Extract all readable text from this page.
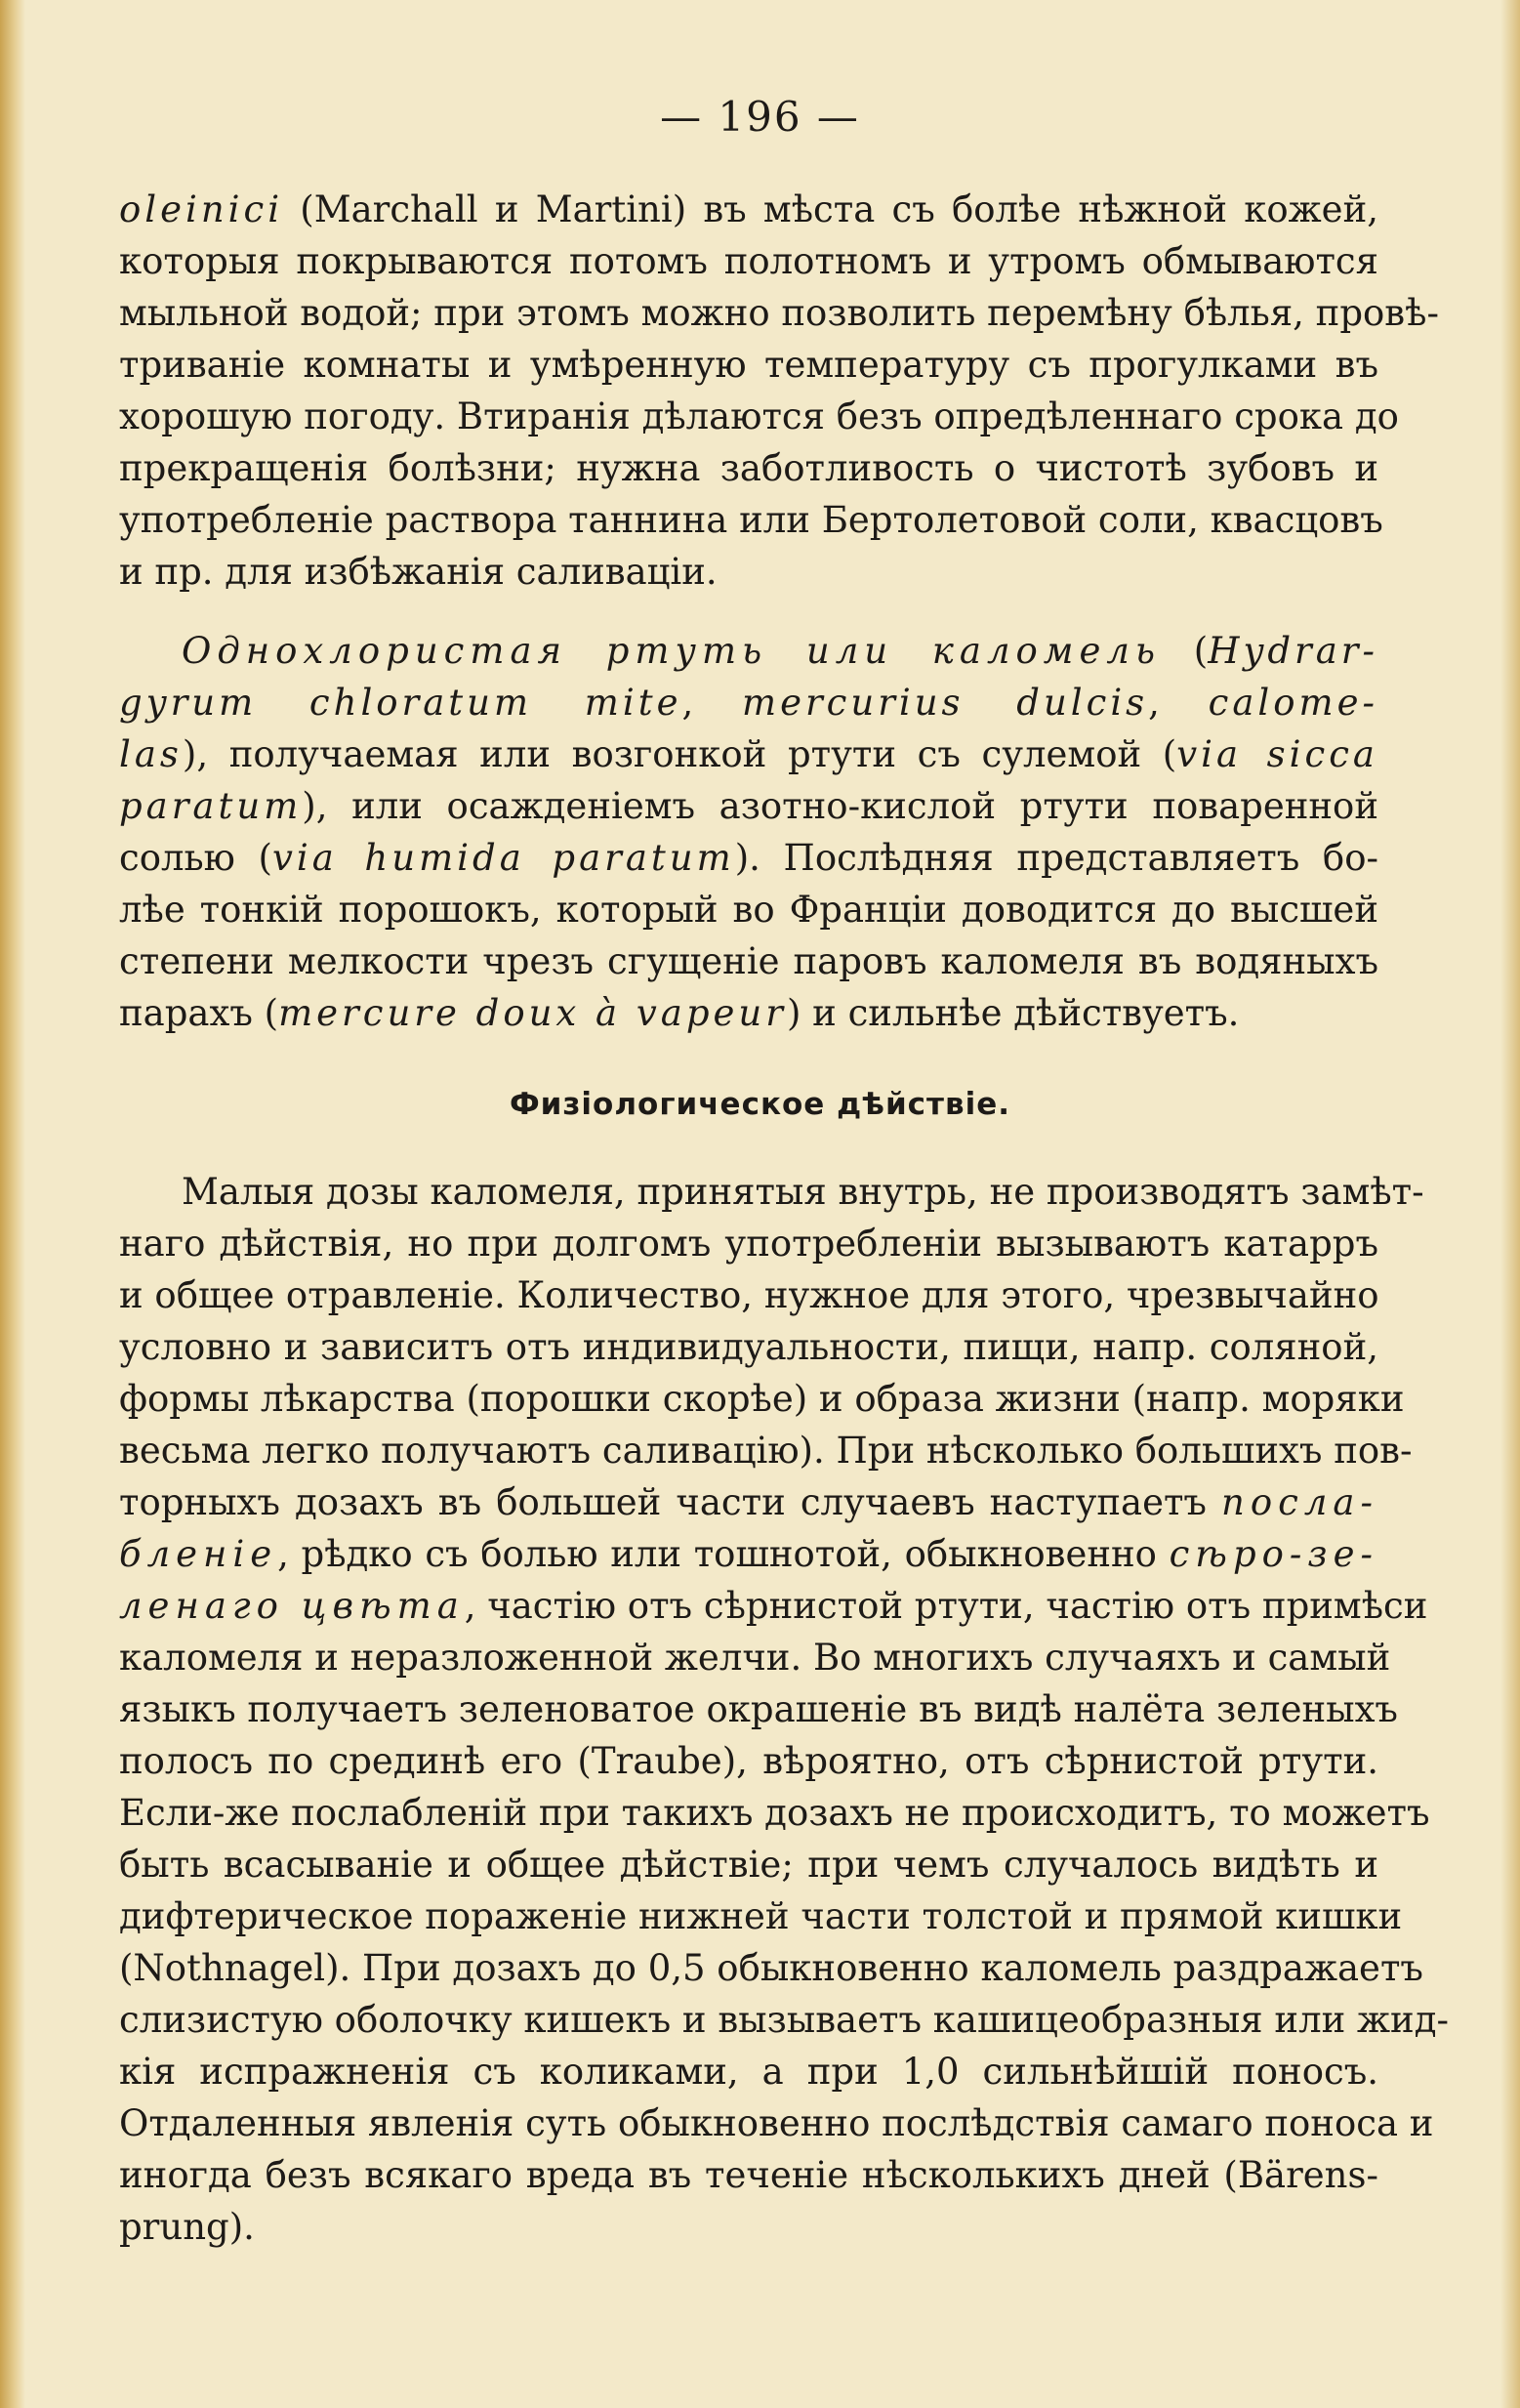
— 196 —
oleinici (Marchall и Martini) въ мѣста съ болѣе нѣжной кожей,
которыя покрываются потомъ полотномъ и утромъ обмываются
мыльной водой; при этомъ можно позволить перемѣну бѣлья, провѣ-
триваніе комнаты и умѣренную температуру съ прогулками въ
хорошую погоду. Втиранія дѣлаются безъ опредѣленнаго срока до
прекращенія болѣзни; нужна заботливость о чистотѣ зубовъ и
употребленіе раствора таннина или Бертолетовой соли, квасцовъ
и пр. для избѣжанія саливаціи.
Однохлористая ртуть или каломель (Hydrar-
gyrum chloratum mite, mercurius dulcis, calome-
las), получаемая или возгонкой ртути съ сулемой (via sicca
paratum), или осажденіемъ азотно-кислой ртути поваренной
солью (via humida paratum). Послѣдняя представляетъ бо-
лѣе тонкій порошокъ, который во Франціи доводится до высшей
степени мелкости чрезъ сгущеніе паровъ каломеля въ водяныхъ
парахъ (mercure doux à vapeur) и сильнѣе дѣйствуетъ.
Физіологическое дѣйствіе.
Малыя дозы каломеля, принятыя внутрь, не производятъ замѣт-
наго дѣйствія, но при долгомъ употребленіи вызываютъ катарръ
и общее отравленіе. Количество, нужное для этого, чрезвычайно
условно и зависитъ отъ индивидуальности, пищи, напр. соляной,
формы лѣкарства (порошки скорѣе) и образа жизни (напр. моряки
весьма легко получаютъ саливацію). При нѣсколько большихъ пов-
торныхъ дозахъ въ большей части случаевъ наступаетъ посла-
бленіе, рѣдко съ болью или тошнотой, обыкновенно сѣро-зе-
ленаго цвѣта, частію отъ сѣрнистой ртути, частію отъ примѣси
каломеля и неразложенной желчи. Во многихъ случаяхъ и самый
языкъ получаетъ зеленоватое окрашеніе въ видѣ налёта зеленыхъ
полосъ по срединѣ его (Traube), вѣроятно, отъ сѣрнистой ртути.
Если-же послабленій при такихъ дозахъ не происходитъ, то можетъ
быть всасываніе и общее дѣйствіе; при чемъ случалось видѣть и
дифтерическое пораженіе нижней части толстой и прямой кишки
(Nothnagel). При дозахъ до 0,5 обыкновенно каломель раздражаетъ
слизистую оболочку кишекъ и вызываетъ кашицеобразныя или жид-
кія испражненія съ коликами, а при 1,0 сильнѣйшій поносъ.
Отдаленныя явленія суть обыкновенно послѣдствія самаго поноса и
иногда безъ всякаго вреда въ теченіе нѣсколькихъ дней (Bärens-
prung).
